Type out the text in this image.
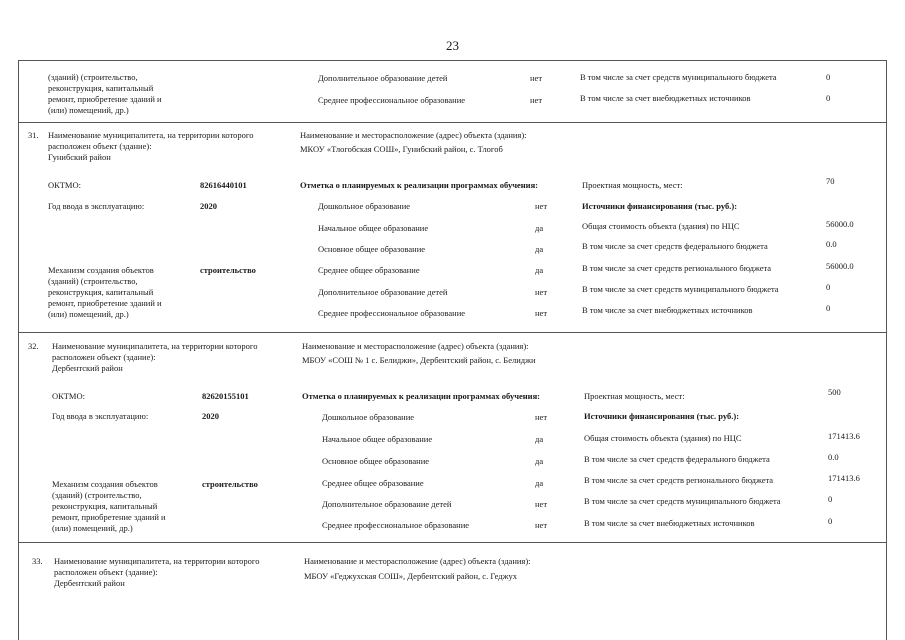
23
(зданий) (строительство,
реконструкция, капитальный
ремонт, приобретение зданий и
(или) помещений, др.)
Дополнительное образование детей	нет
Среднее профессиональное образование	нет
В том числе за счет средств муниципального бюджета	0
В том числе за счет внебюджетных источников	0
31. Наименование муниципалитета, на территории которого
расположен объект (здание):
Гунибский район
Наименование и месторасположение (адрес) объекта (здания):
МКОУ «Тлогобская СОШ», Гунибский район, с. Тлогоб
ОКТМО:	82616440101	Отметка о планируемых к реализации программах обучения:	Проектная мощность, мест:	70
Год ввода в эксплуатацию:	2020
Механизм создания объектов
(зданий) (строительство,
реконструкция, капитальный
ремонт, приобретение зданий и
(или) помещений, др.)
строительство
Дошкольное образование	нет
Начальное общее образование	да
Основное общее образование	да
Среднее общее образование	да
Дополнительное образование детей	нет
Среднее профессиональное образование	нет
Источники финансирования (тыс. руб.):
Общая стоимость объекта (здания) по НЦС	56000.0
В том числе за счет средств федерального бюджета	0.0
В том числе за счет средств регионального бюджета	56000.0
В том числе за счет средств муниципального бюджета	0
В том числе за счет внебюджетных источников	0
32. Наименование муниципалитета, на территории которого
расположен объект (здание):
Дербентский район
Наименование и месторасположение (адрес) объекта (здания):
МБОУ «СОШ № 1 с. Белиджи», Дербентский район, с. Белиджи
ОКТМО:	82620155101	Отметка о планируемых к реализации программах обучения:	Проектная мощность, мест:	500
Год ввода в эксплуатацию:	2020
Механизм создания объектов
(зданий) (строительство,
реконструкция, капитальный
ремонт, приобретение зданий и
(или) помещений, др.)
строительство
Дошкольное образование	нет
Начальное общее образование	да
Основное общее образование	да
Среднее общее образование	да
Дополнительное образование детей	нет
Среднее профессиональное образование	нет
Источники финансирования (тыс. руб.):
Общая стоимость объекта (здания) по НЦС	171413.6
В том числе за счет средств федерального бюджета	0.0
В том числе за счет средств регионального бюджета	171413.6
В том числе за счет средств муниципального бюджета	0
В том числе за счет внебюджетных источников	0
33. Наименование муниципалитета, на территории которого
расположен объект (здание):
Дербентский район
Наименование и месторасположение (адрес) объекта (здания):
МБОУ «Геджухская СОШ», Дербентский район, с. Геджух
